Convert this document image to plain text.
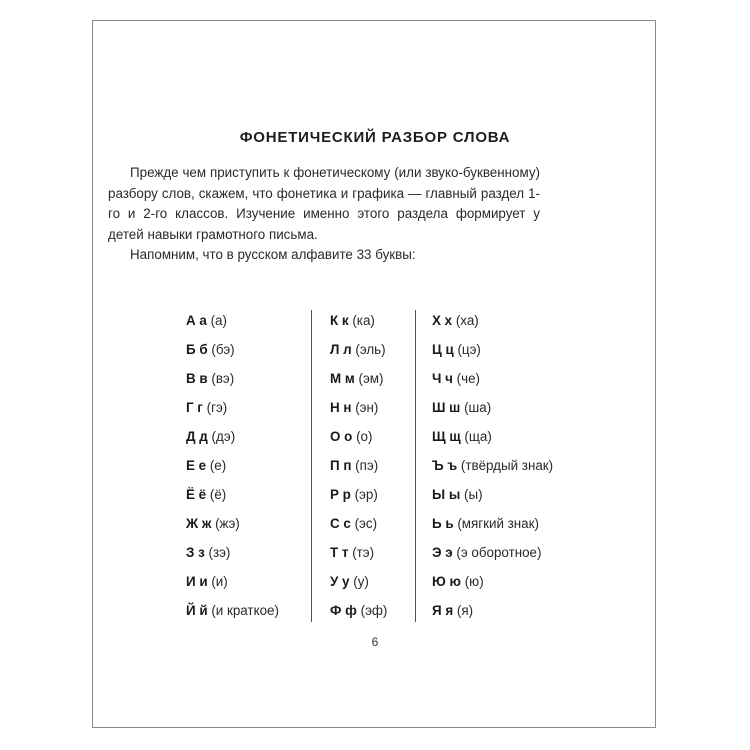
ФОНЕТИЧЕСКИЙ РАЗБОР СЛОВА

Прежде чем приступить к фонетическому (или звуко-буквенному) разбору слов, скажем, что фонетика и графика — главный раздел 1-го и 2-го классов. Изучение именно этого раздела формирует у детей навыки грамотного письма.

Напомним, что в русском алфавите 33 буквы:

А а (а)
Б б (бэ)
В в (вэ)
Г г (гэ)
Д д (дэ)
Е е (е)
Ё ё (ё)
Ж ж (жэ)
З з (зэ)
И и (и)
Й й (и краткое)
К к (ка)
Л л (эль)
М м (эм)
Н н (эн)
О о (о)
П п (пэ)
Р р (эр)
С с (эс)
Т т (тэ)
У у (у)
Ф ф (эф)
Х х (ха)
Ц ц (цэ)
Ч ч (че)
Ш ш (ша)
Щ щ (ща)
Ъ ъ (твёрдый знак)
Ы ы (ы)
Ь ь (мягкий знак)
Э э (э оборотное)
Ю ю (ю)
Я я (я)
6
